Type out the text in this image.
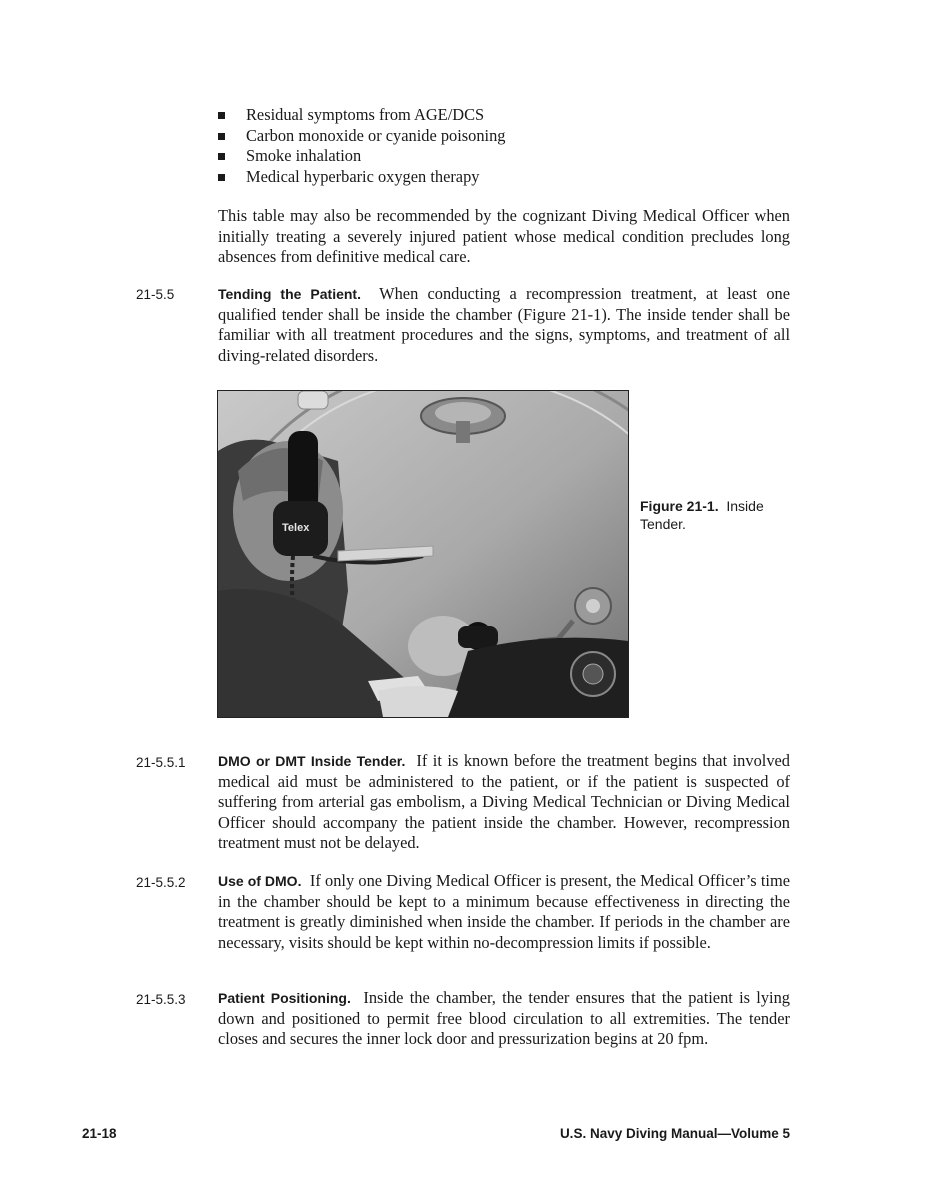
Residual symptoms from AGE/DCS
Carbon monoxide or cyanide poisoning
Smoke inhalation
Medical hyperbaric oxygen therapy

This table may also be recommended by the cognizant Diving Medical Officer when initially treating a severely injured patient whose medical condition precludes long absences from definitive medical care.

21-5.5	Tending the Patient. When conducting a recompression treatment, at least one qualified tender shall be inside the chamber (Figure 21-1). The inside tender shall be familiar with all treatment procedures and the signs, symptoms, and treatment of all diving-related disorders.

Telex
Figure 21-1. Inside Tender.
21-5.5.1 DMO or DMT Inside Tender. If it is known before the treatment begins that involved medical aid must be administered to the patient, or if the patient is suspected of suffering from arterial gas embolism, a Diving Medical Technician or Diving Medical Officer should accompany the patient inside the chamber. However, recompression treatment must not be delayed.

21-5.5.2 Use of DMO. If only one Diving Medical Officer is present, the Medical Officer’s time in the chamber should be kept to a minimum because effectiveness in directing the treatment is greatly diminished when inside the chamber. If periods in the chamber are necessary, visits should be kept within no-decompression limits if possible.

21-5.5.3 Patient Positioning. Inside the chamber, the tender ensures that the patient is lying down and positioned to permit free blood circulation to all extremities. The tender closes and secures the inner lock door and pressurization begins at 20 fpm.

21-18	U.S. Navy Diving Manual—Volume 5
